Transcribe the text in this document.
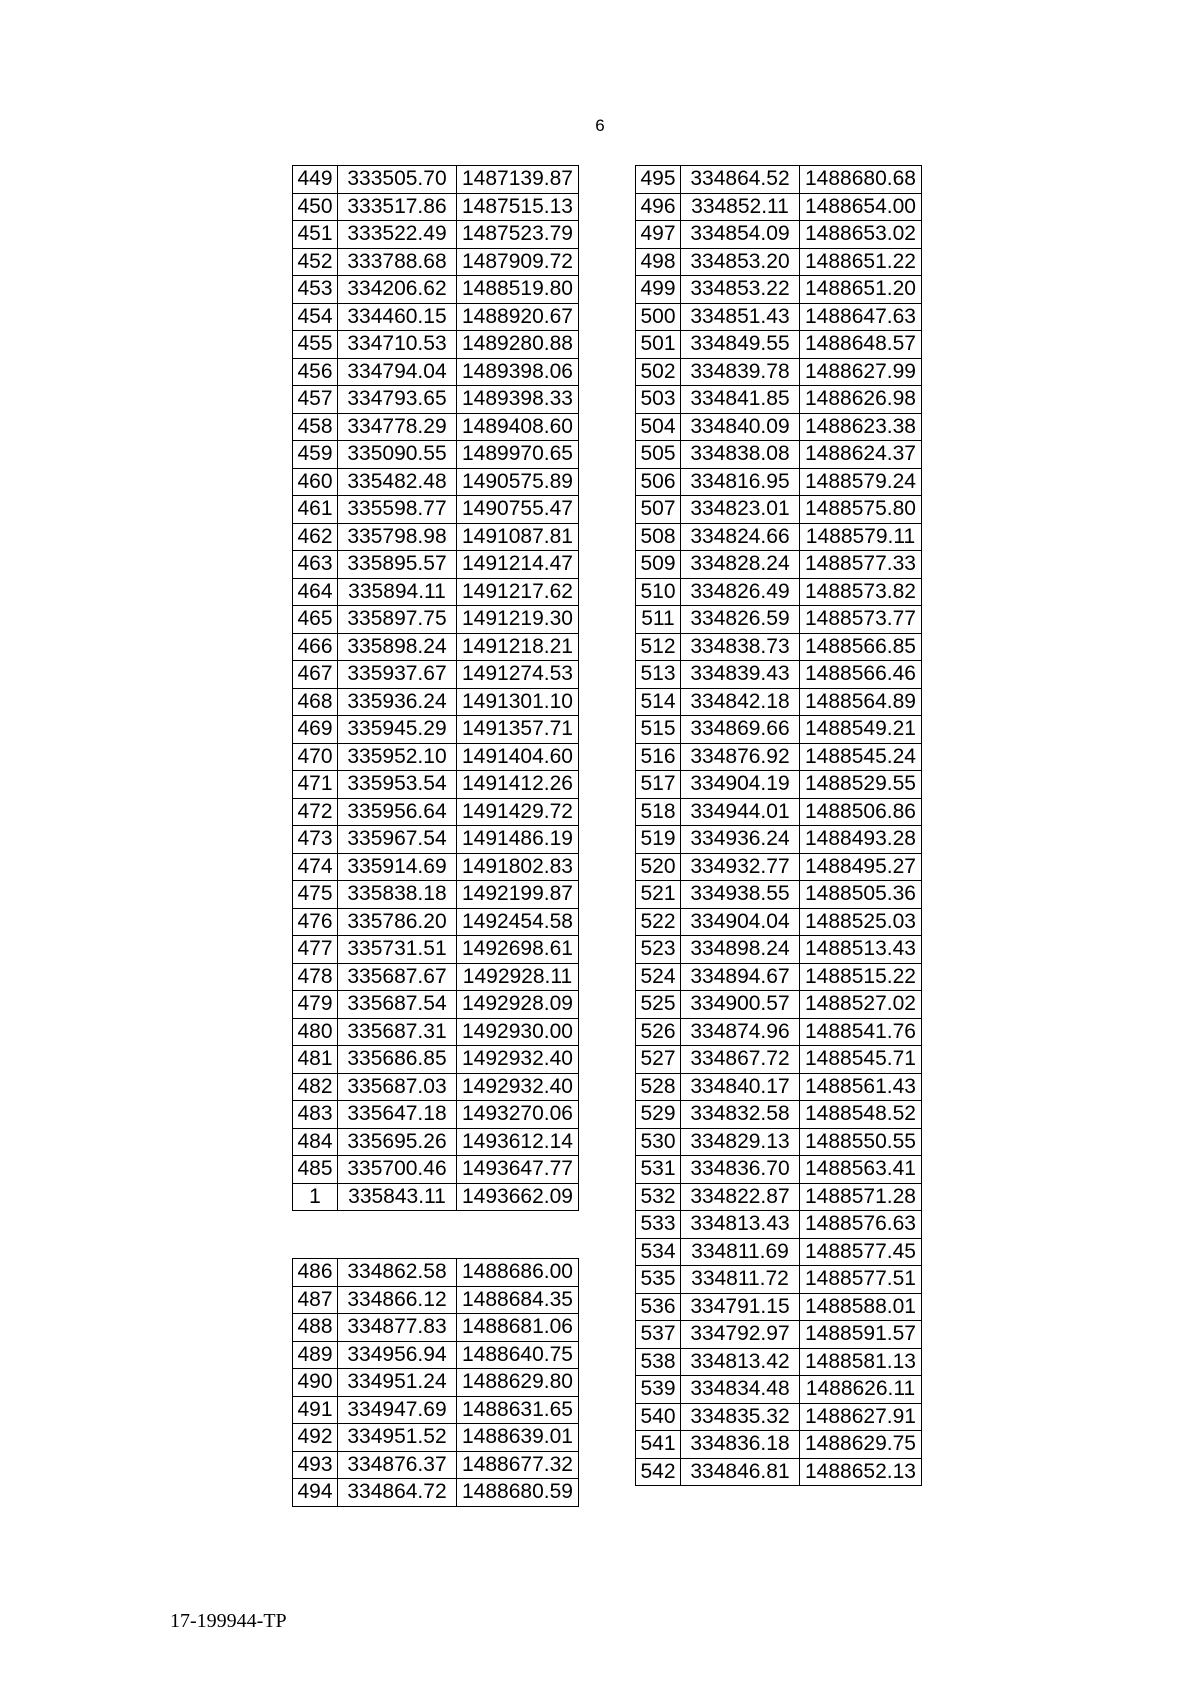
6
449	333505.70	1487139.87
450	333517.86	1487515.13
451	333522.49	1487523.79
452	333788.68	1487909.72
453	334206.62	1488519.80
454	334460.15	1488920.67
455	334710.53	1489280.88
456	334794.04	1489398.06
457	334793.65	1489398.33
458	334778.29	1489408.60
459	335090.55	1489970.65
460	335482.48	1490575.89
461	335598.77	1490755.47
462	335798.98	1491087.81
463	335895.57	1491214.47
464	335894.11	1491217.62
465	335897.75	1491219.30
466	335898.24	1491218.21
467	335937.67	1491274.53
468	335936.24	1491301.10
469	335945.29	1491357.71
470	335952.10	1491404.60
471	335953.54	1491412.26
472	335956.64	1491429.72
473	335967.54	1491486.19
474	335914.69	1491802.83
475	335838.18	1492199.87
476	335786.20	1492454.58
477	335731.51	1492698.61
478	335687.67	1492928.11
479	335687.54	1492928.09
480	335687.31	1492930.00
481	335686.85	1492932.40
482	335687.03	1492932.40
483	335647.18	1493270.06
484	335695.26	1493612.14
485	335700.46	1493647.77
1	335843.11	1493662.09
486	334862.58	1488686.00
487	334866.12	1488684.35
488	334877.83	1488681.06
489	334956.94	1488640.75
490	334951.24	1488629.80
491	334947.69	1488631.65
492	334951.52	1488639.01
493	334876.37	1488677.32
494	334864.72	1488680.59
495	334864.52	1488680.68
496	334852.11	1488654.00
497	334854.09	1488653.02
498	334853.20	1488651.22
499	334853.22	1488651.20
500	334851.43	1488647.63
501	334849.55	1488648.57
502	334839.78	1488627.99
503	334841.85	1488626.98
504	334840.09	1488623.38
505	334838.08	1488624.37
506	334816.95	1488579.24
507	334823.01	1488575.80
508	334824.66	1488579.11
509	334828.24	1488577.33
510	334826.49	1488573.82
511	334826.59	1488573.77
512	334838.73	1488566.85
513	334839.43	1488566.46
514	334842.18	1488564.89
515	334869.66	1488549.21
516	334876.92	1488545.24
517	334904.19	1488529.55
518	334944.01	1488506.86
519	334936.24	1488493.28
520	334932.77	1488495.27
521	334938.55	1488505.36
522	334904.04	1488525.03
523	334898.24	1488513.43
524	334894.67	1488515.22
525	334900.57	1488527.02
526	334874.96	1488541.76
527	334867.72	1488545.71
528	334840.17	1488561.43
529	334832.58	1488548.52
530	334829.13	1488550.55
531	334836.70	1488563.41
532	334822.87	1488571.28
533	334813.43	1488576.63
534	334811.69	1488577.45
535	334811.72	1488577.51
536	334791.15	1488588.01
537	334792.97	1488591.57
538	334813.42	1488581.13
539	334834.48	1488626.11
540	334835.32	1488627.91
541	334836.18	1488629.75
542	334846.81	1488652.13
17-199944-TP
